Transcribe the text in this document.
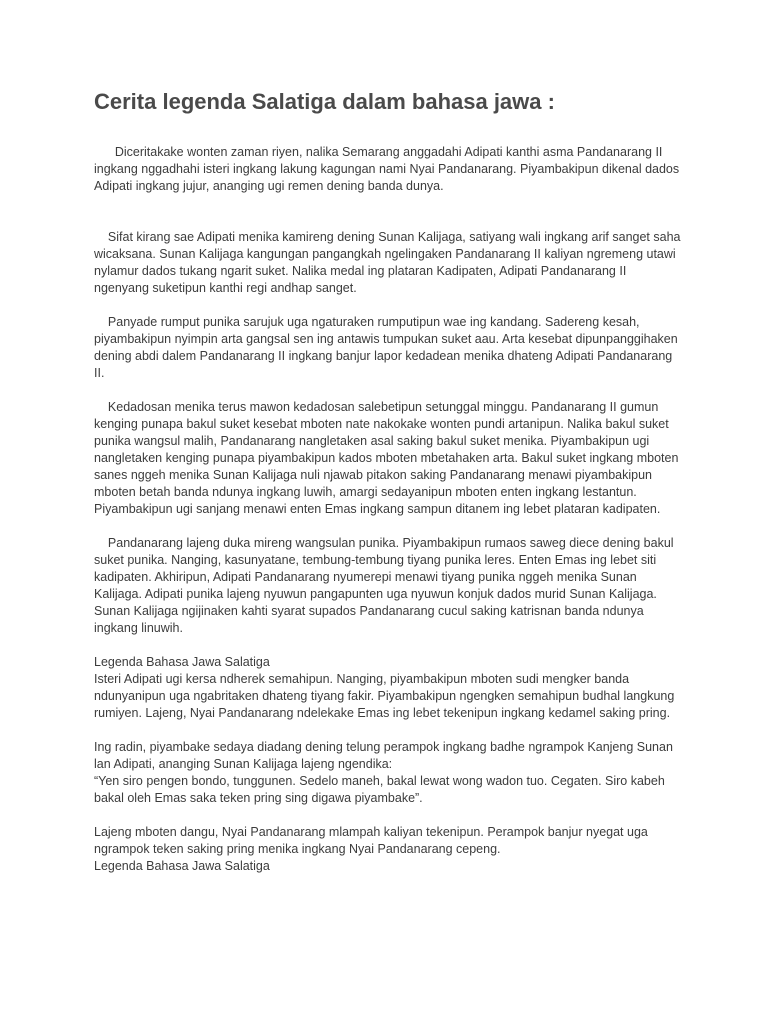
Cerita legenda Salatiga dalam bahasa jawa :

Diceritakake wonten zaman riyen, nalika Semarang anggadahi Adipati kanthi asma Pandanarang II ingkang nggadhahi isteri ingkang lakung kagungan nami Nyai Pandanarang. Piyambakipun dikenal dados Adipati ingkang jujur, ananging ugi remen dening banda dunya.

Sifat kirang sae Adipati menika kamireng dening Sunan Kalijaga, satiyang wali ingkang arif sanget saha wicaksana. Sunan Kalijaga kangungan pangangkah ngelingaken Pandanarang II kaliyan ngremeng utawi nylamur dados tukang ngarit suket. Nalika medal ing plataran Kadipaten, Adipati Pandanarang II ngenyang suketipun kanthi regi andhap sanget.

Panyade rumput punika sarujuk uga ngaturaken rumputipun wae ing kandang. Sadereng kesah, piyambakipun nyimpin arta gangsal sen ing antawis tumpukan suket aau. Arta kesebat dipunpanggihaken dening abdi dalem Pandanarang II ingkang banjur lapor kedadean menika dhateng Adipati Pandanarang II.

Kedadosan menika terus mawon kedadosan salebetipun setunggal minggu. Pandanarang II gumun kenging punapa bakul suket kesebat mboten nate nakokake wonten pundi artanipun. Nalika bakul suket punika wangsul malih, Pandanarang nangletaken asal saking bakul suket menika. Piyambakipun ugi nangletaken kenging punapa piyambakipun kados mboten mbetahaken arta. Bakul suket ingkang mboten sanes nggeh menika Sunan Kalijaga nuli njawab pitakon saking Pandanarang menawi piyambakipun mboten betah banda ndunya ingkang luwih, amargi sedayanipun mboten enten ingkang lestantun. Piyambakipun ugi sanjang menawi enten Emas ingkang sampun ditanem ing lebet plataran kadipaten.

Pandanarang lajeng duka mireng wangsulan punika. Piyambakipun rumaos saweg diece dening bakul suket punika. Nanging, kasunyatane, tembung-tembung tiyang punika leres. Enten Emas ing lebet siti kadipaten. Akhiripun, Adipati Pandanarang nyumerepi menawi tiyang punika nggeh menika Sunan Kalijaga. Adipati punika lajeng nyuwun pangapunten uga nyuwun konjuk dados murid Sunan Kalijaga. Sunan Kalijaga ngijinaken kahti syarat supados Pandanarang cucul saking katrisnan banda ndunya ingkang linuwih.

Legenda Bahasa Jawa Salatiga

Isteri Adipati ugi kersa ndherek semahipun. Nanging, piyambakipun mboten sudi mengker banda ndunyanipun uga ngabritaken dhateng tiyang fakir. Piyambakipun ngengken semahipun budhal langkung rumiyen. Lajeng, Nyai Pandanarang ndelekake Emas ing lebet tekenipun ingkang kedamel saking pring.

Ing radin, piyambake sedaya diadang dening telung perampok ingkang badhe ngrampok Kanjeng Sunan lan Adipati, ananging Sunan Kalijaga lajeng ngendika:

“Yen siro pengen bondo, tunggunen. Sedelo maneh, bakal lewat wong wadon tuo. Cegaten. Siro kabeh bakal oleh Emas saka teken pring sing digawa piyambake”.

Lajeng mboten dangu, Nyai Pandanarang mlampah kaliyan tekenipun. Perampok banjur nyegat uga ngrampok teken saking pring menika ingkang Nyai Pandanarang cepeng.

Legenda Bahasa Jawa Salatiga
